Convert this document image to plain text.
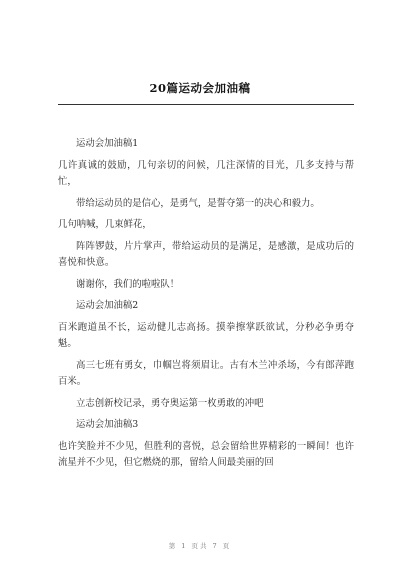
20篇运动会加油稿

运动会加油稿1

几许真诚的鼓励，几句亲切的问候，几注深情的目光，几多支持与帮忙，

带给运动员的是信心，是勇气，是誓夺第一的决心和毅力。

几句呐喊，几束鲜花，

阵阵锣鼓，片片掌声，带给运动员的是满足，是感激，是成功后的喜悦和快意。

谢谢你，我们的啦啦队！

运动会加油稿2

百米跑道虽不长，运动健儿志高扬。摸拳擦掌跃欲试，分秒必争勇夺魁。

高三七班有勇女，巾帼岂将须眉让。古有木兰冲杀场，今有郎萍跑百米。

立志创新校记录，勇夺奥运第一枚勇敢的冲吧

运动会加油稿3

也许笑脸并不少见，但胜利的喜悦，总会留给世界精彩的一瞬间！也许流星并不少见，但它燃烧的那，留给人间最美丽的回

第 1 页共 7 页
